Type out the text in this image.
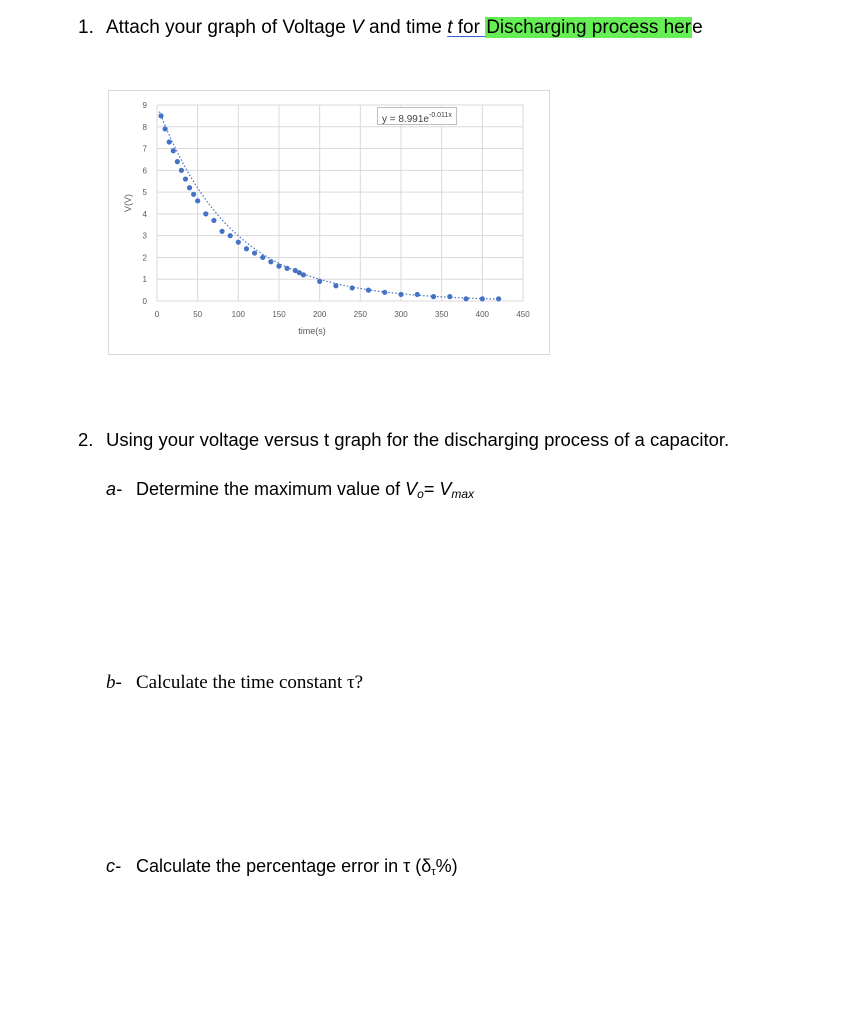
1. Attach your graph of Voltage V and time t for Discharging process here
0
1
2
3
4
5
6
7
8
9
0	50	100	150	200	250	300	350	400	450
time(s)
V(V)
$y = 8.991e^{-0.011x}$
2. Using your voltage versus t graph for the discharging process of a capacitor.
a- Determine the maximum value of Vo= Vmax
b- Calculate the time constant τ?
c- Calculate the percentage error in τ (δτ%)
